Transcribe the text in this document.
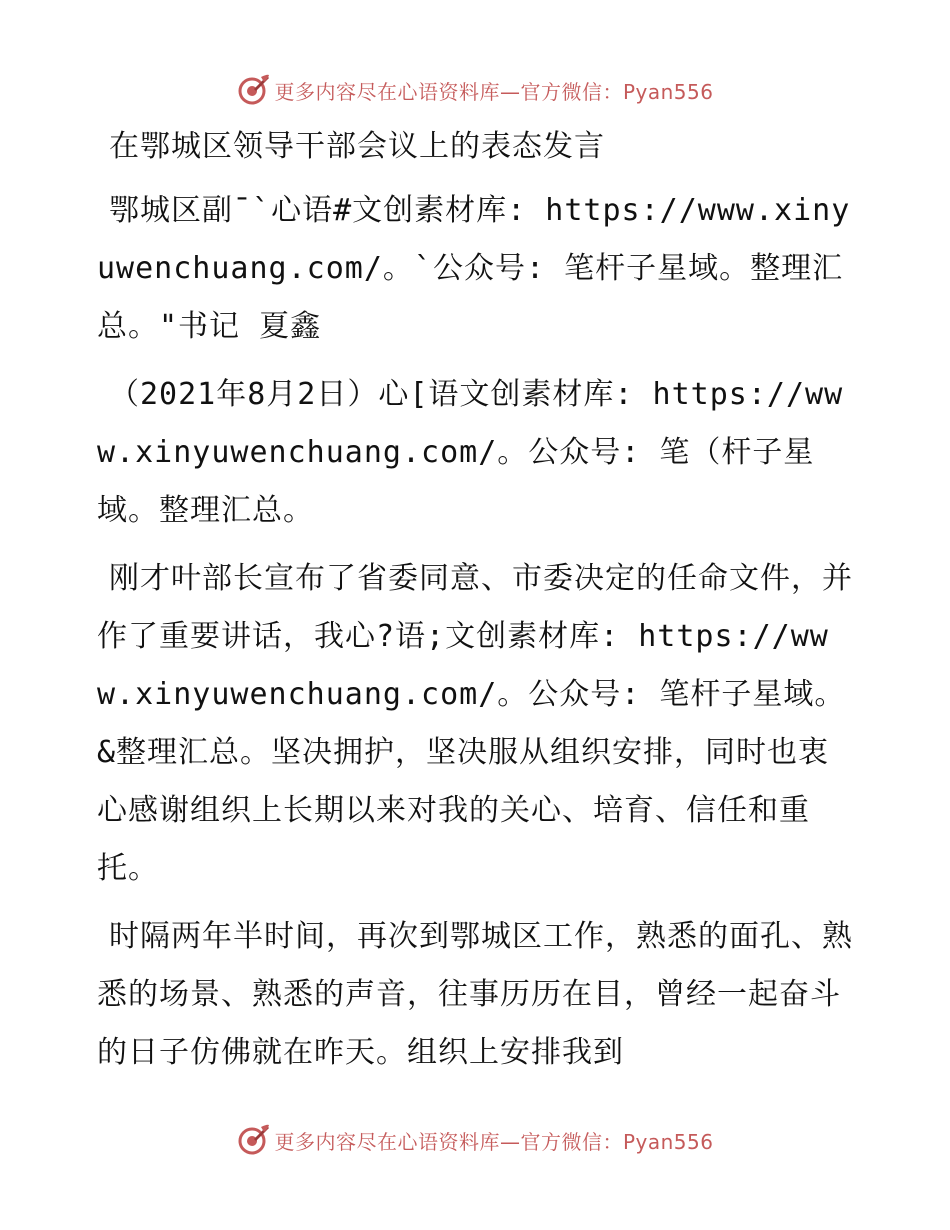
更多内容尽在心语资料库—官方微信：Pyan556

在鄂城区领导干部会议上的表态发言

鄂城区副¯`心语#文创素材库: https://www.xinyuwenchuang.com/。`公众号: 笔杆子星域。整理汇总。"书记 夏鑫

（2021年8月2日）心[语文创素材库: https://www.xinyuwenchuang.com/。公众号: 笔（杆子星域。整理汇总。

刚才叶部长宣布了省委同意、市委决定的任命文件，并作了重要讲话，我心?语;文创素材库: https://www.xinyuwenchuang.com/。公众号: 笔杆子星域。&整理汇总。坚决拥护，坚决服从组织安排，同时也衷心感谢组织上长期以来对我的关心、培育、信任和重托。

时隔两年半时间，再次到鄂城区工作，熟悉的面孔、熟悉的场景、熟悉的声音，往事历历在目，曾经一起奋斗的日子仿佛就在昨天。组织上安排我到

更多内容尽在心语资料库—官方微信：Pyan556
